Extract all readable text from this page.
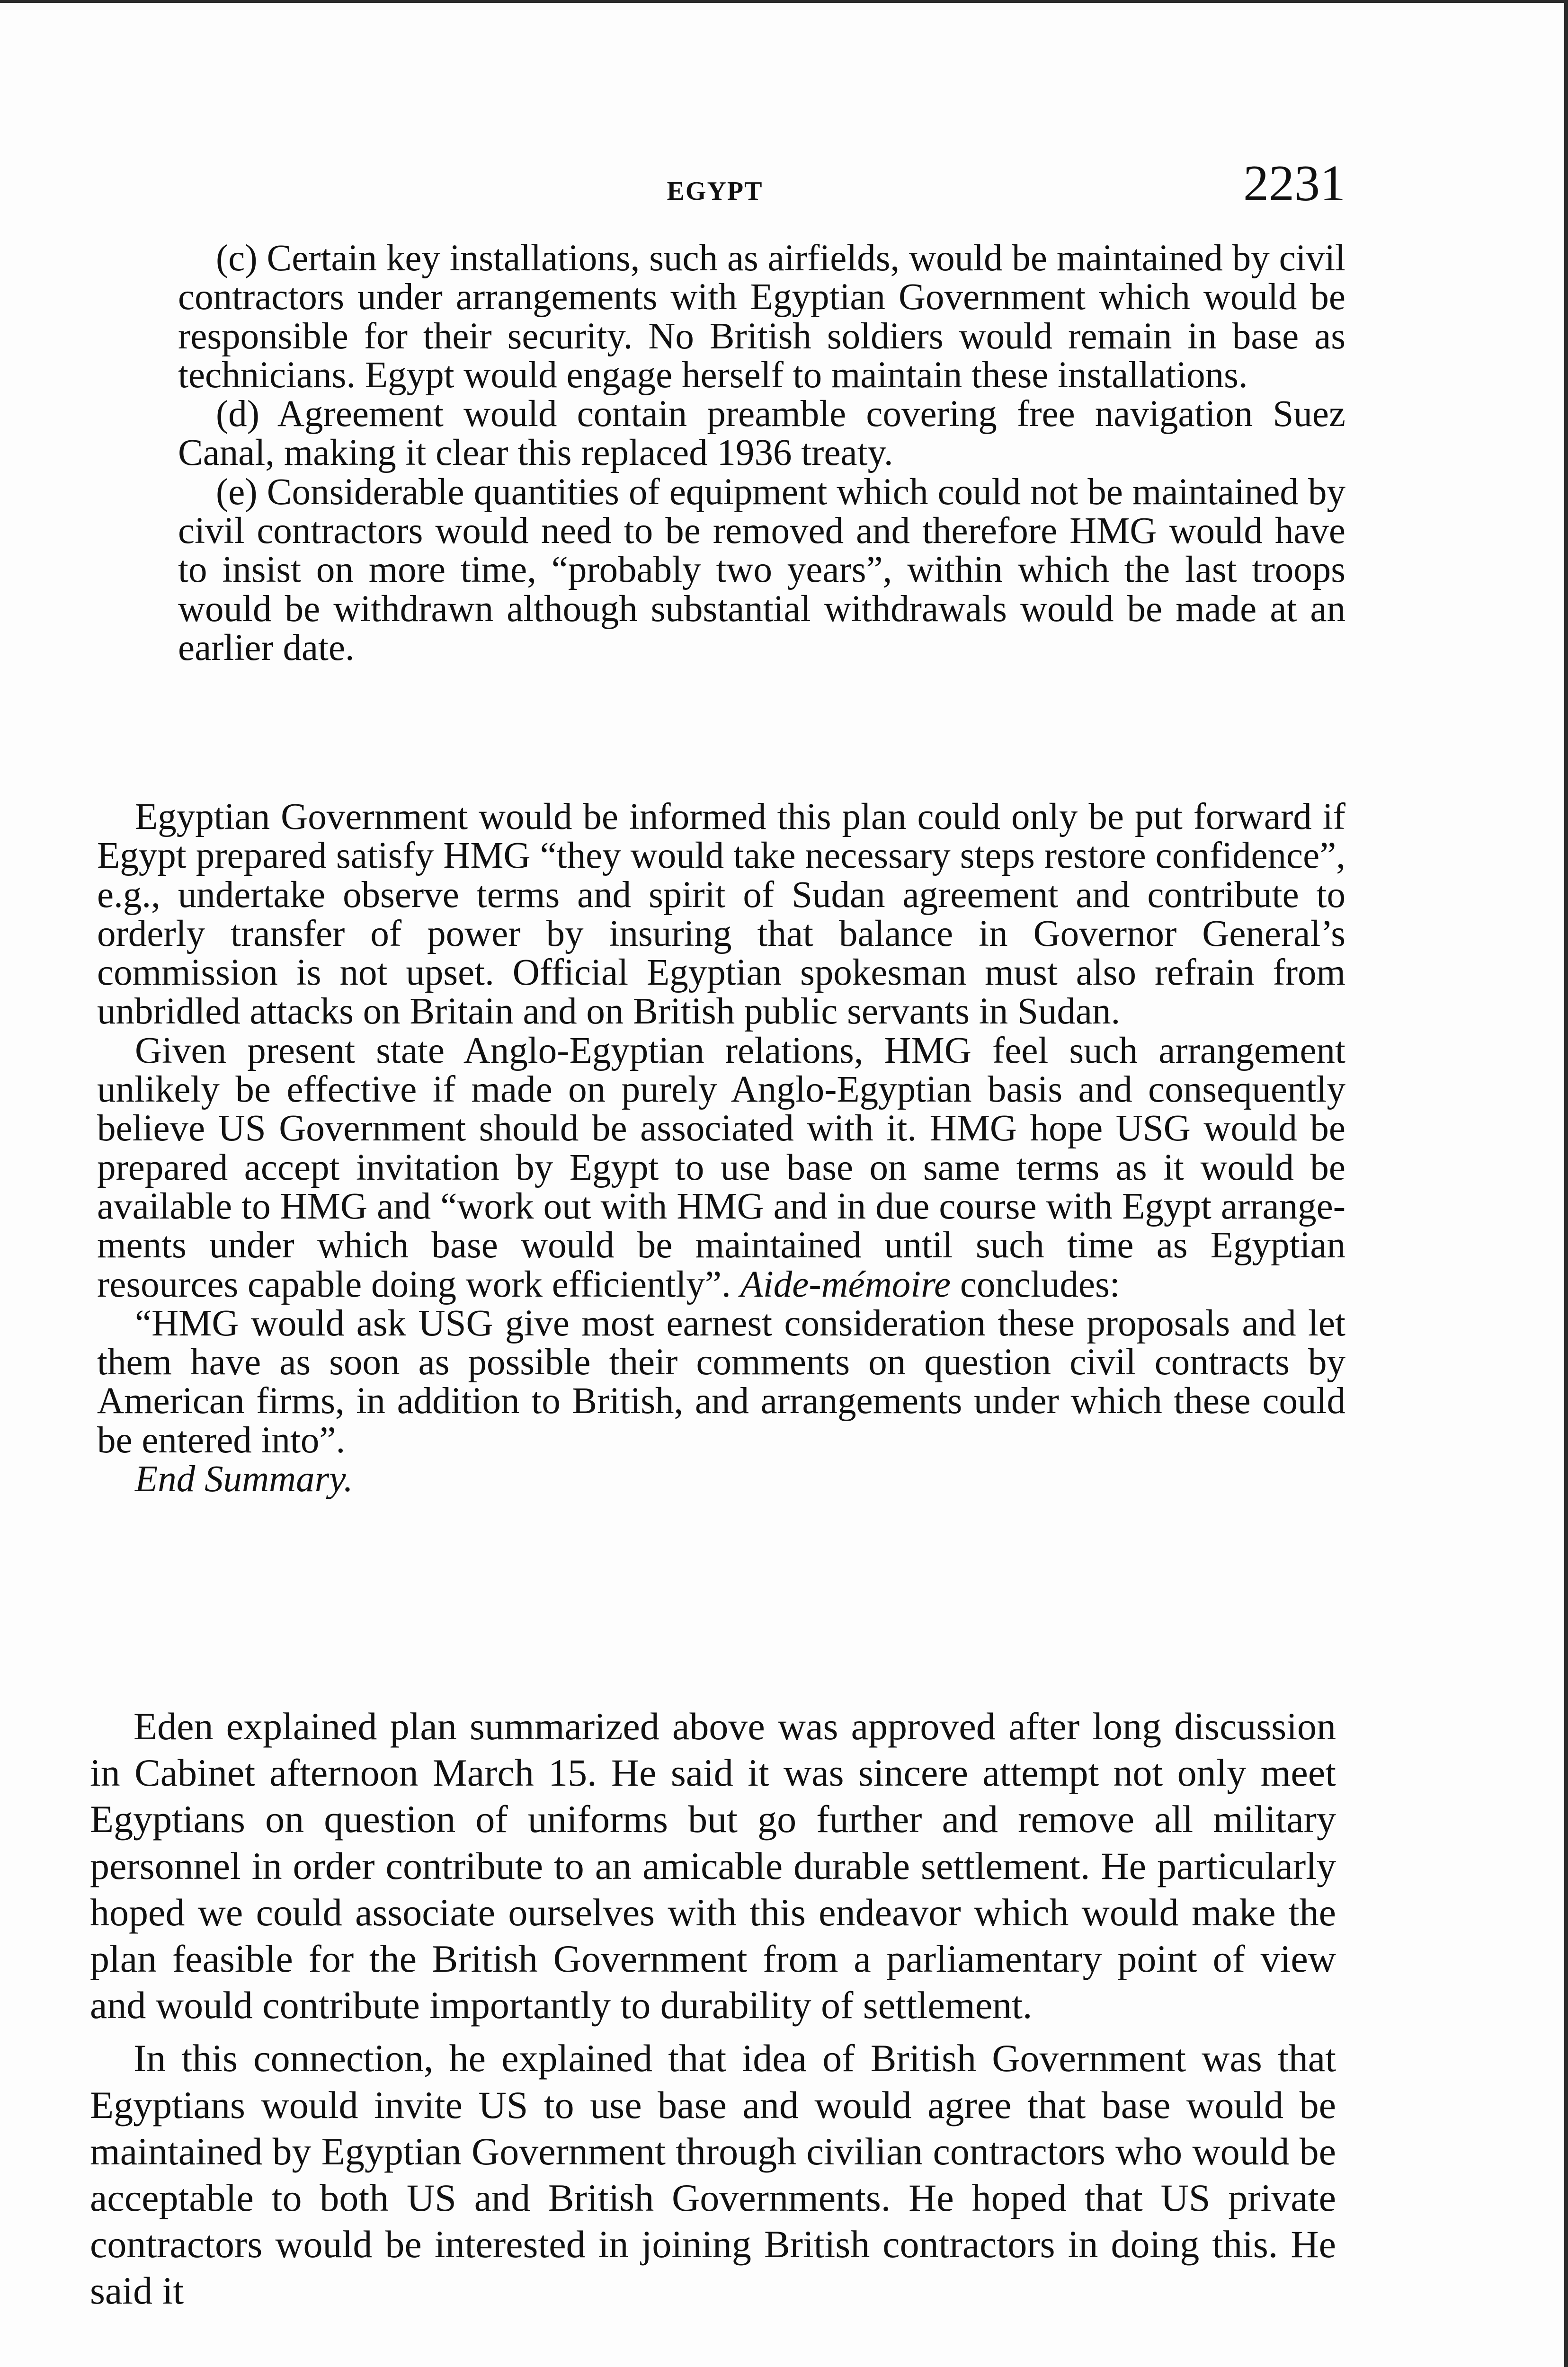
EGYPT	2231

(c) Certain key installations, such as airfields, would be maintained by civil contractors under arrangements with Egyptian Government which would be responsible for their security. No British soldiers would remain in base as technicians. Egypt would engage herself to maintain these installations.

(d) Agreement would contain preamble covering free navigation Suez Canal, making it clear this replaced 1936 treaty.

(e) Considerable quantities of equipment which could not be maintained by civil contractors would need to be removed and therefore HMG would have to insist on more time, “probably two years”, within which the last troops would be withdrawn although substantial withdrawals would be made at an earlier date.

Egyptian Government would be informed this plan could only be put forward if Egypt prepared satisfy HMG “they would take necessary steps restore confidence”, e.g., undertake observe terms and spirit of Sudan agreement and contribute to orderly transfer of power by insuring that balance in Governor General’s commission is not upset. Official Egyptian spokesman must also refrain from unbridled attacks on Britain and on British public servants in Sudan.

Given present state Anglo-Egyptian relations, HMG feel such arrangement unlikely be effective if made on purely Anglo-Egyptian basis and consequently believe US Government should be associated with it. HMG hope USG would be prepared accept invitation by Egypt to use base on same terms as it would be available to HMG and “work out with HMG and in due course with Egypt arrangements under which base would be maintained until such time as Egyptian resources capable doing work efficiently”. Aide-mémoire concludes:

“HMG would ask USG give most earnest consideration these proposals and let them have as soon as possible their comments on question civil contracts by American firms, in addition to British, and arrangements under which these could be entered into”.

End Summary.

Eden explained plan summarized above was approved after long discussion in Cabinet afternoon March 15. He said it was sincere attempt not only meet Egyptians on question of uniforms but go further and remove all military personnel in order contribute to an amicable durable settlement. He particularly hoped we could associate ourselves with this endeavor which would make the plan feasible for the British Government from a parliamentary point of view and would contribute importantly to durability of settlement.

In this connection, he explained that idea of British Government was that Egyptians would invite US to use base and would agree that base would be maintained by Egyptian Government through civilian contractors who would be acceptable to both US and British Governments. He hoped that US private contractors would be interested in joining British contractors in doing this. He said it
